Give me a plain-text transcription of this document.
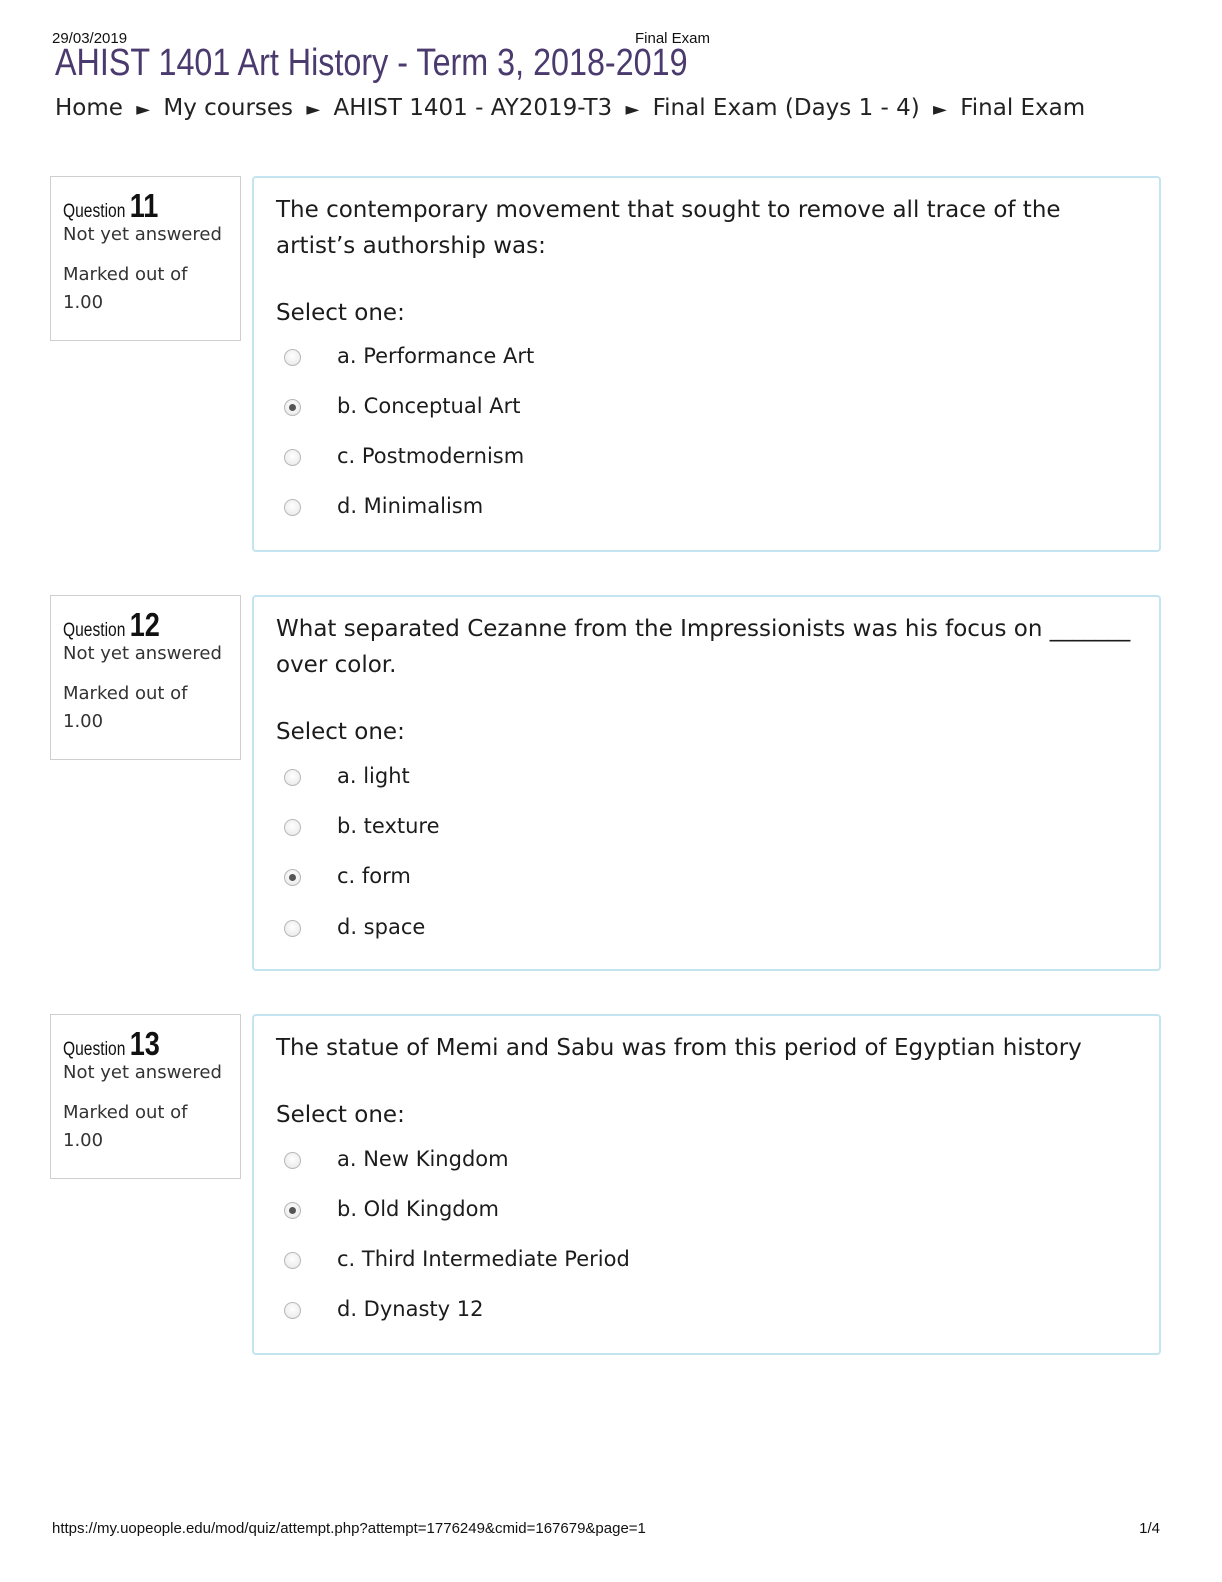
29/03/2019	Final Exam
AHIST 1401 Art History - Term 3, 2018-2019
Home ► My courses ► AHIST 1401 - AY2019-T3 ► Final Exam (Days 1 - 4) ► Final Exam
Question 11
Not yet answered
Marked out of 1.00
The contemporary movement that sought to remove all trace of the artist’s authorship was:
Select one:
a. Performance Art
b. Conceptual Art
c. Postmodernism
d. Minimalism
Question 12
Not yet answered
Marked out of 1.00
What separated Cezanne from the Impressionists was his focus on _______ over color.
Select one:
a. light
b. texture
c. form
d. space
Question 13
Not yet answered
Marked out of 1.00
The statue of Memi and Sabu was from this period of Egyptian history
Select one:
a. New Kingdom
b. Old Kingdom
c. Third Intermediate Period
d. Dynasty 12
https://my.uopeople.edu/mod/quiz/attempt.php?attempt=1776249&cmid=167679&page=1	1/4
